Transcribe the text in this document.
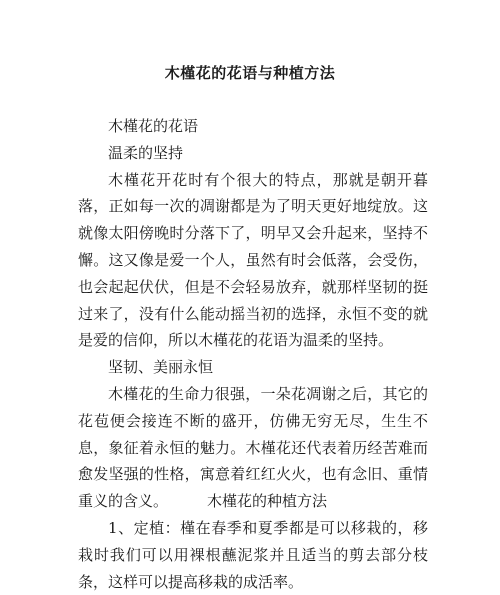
木槿花的花语与种植方法

木槿花的花语

温柔的坚持

木槿花开花时有个很大的特点，那就是朝开暮落，正如每一次的凋谢都是为了明天更好地绽放。这就像太阳傍晚时分落下了，明早又会升起来，坚持不懈。这又像是爱一个人，虽然有时会低落，会受伤，也会起起伏伏，但是不会轻易放弃，就那样坚韧的挺过来了，没有什么能动摇当初的选择，永恒不变的就是爱的信仰，所以木槿花的花语为温柔的坚持。

坚韧、美丽永恒

木槿花的生命力很强，一朵花凋谢之后，其它的花苞便会接连不断的盛开，仿佛无穷无尽，生生不息，象征着永恒的魅力。木槿花还代表着历经苦难而愈发坚强的性格，寓意着红红火火，也有念旧、重情重义的含义。	木槿花的种植方法

1、定植：槿在春季和夏季都是可以移栽的，移栽时我们可以用裸根蘸泥浆并且适当的剪去部分枝条，这样可以提高移栽的成活率。
